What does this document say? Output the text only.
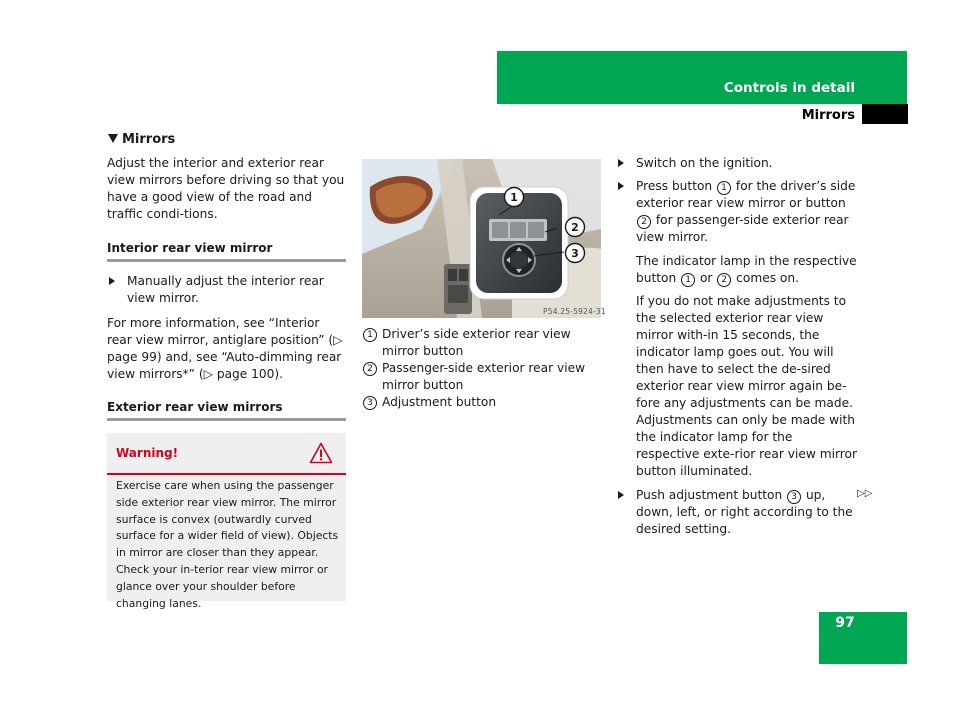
Controls in detail
Mirrors
Mirrors

Adjust the interior and exterior rear view mirrors before driving so that you have a good view of the road and traffic condi-tions.

Interior rear view mirror
Manually adjust the interior rear view mirror.

For more information, see “Interior rear view mirror, antiglare position” (▷ page 99) and, see “Auto-dimming rear view mirrors*” (▷ page 100).

Exterior rear view mirrors
Warning!
Exercise care when using the passenger side exterior rear view mirror. The mirror surface is convex (outwardly curved surface for a wider field of view). Objects in mirror are closer than they appear. Check your in-terior rear view mirror or glance over your shoulder before changing lanes.
1
2
3
P54.25-5924-31
1 Driver’s side exterior rear view mirror button
2 Passenger-side exterior rear view mirror button
3 Adjustment button
Switch on the ignition.
Press button 1 for the driver’s side exterior rear view mirror or button 2 for passenger-side exterior rear view mirror.

The indicator lamp in the respective button 1 or 2 comes on.

If you do not make adjustments to the selected exterior rear view mirror with-in 15 seconds, the indicator lamp goes out. You will then have to select the de-sired exterior rear view mirror again be-fore any adjustments can be made. Adjustments can only be made with the indicator lamp for the respective exte-rior rear view mirror button illuminated.

Push adjustment button 3 up, down, left, or right according to the desired setting.
▷▷
97
